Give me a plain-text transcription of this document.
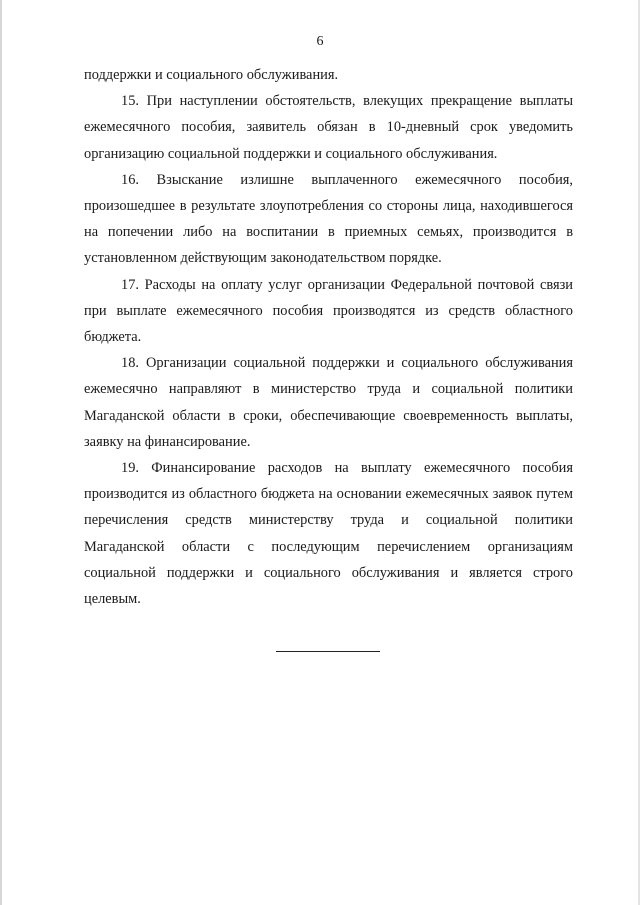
6

поддержки и социального обслуживания.

15. При наступлении обстоятельств, влекущих прекращение выплаты ежемесячного пособия, заявитель обязан в 10-дневный срок уведомить организацию социальной поддержки и социального обслуживания.

16. Взыскание излишне выплаченного ежемесячного пособия, произошедшее в результате злоупотребления со стороны лица, находившегося на попечении либо на воспитании в приемных семьях, производится в установленном действующим законодательством порядке.

17. Расходы на оплату услуг организации Федеральной почтовой связи при выплате ежемесячного пособия производятся из средств областного бюджета.

18. Организации социальной поддержки и социального обслуживания ежемесячно направляют в министерство труда и социальной политики Магаданской области в сроки, обеспечивающие своевременность выплаты, заявку на финансирование.

19. Финансирование расходов на выплату ежемесячного пособия производится из областного бюджета на основании ежемесячных заявок путем перечисления средств министерству труда и социальной политики Магаданской области с последующим перечислением организациям социальной поддержки и социального обслуживания и является строго целевым.
